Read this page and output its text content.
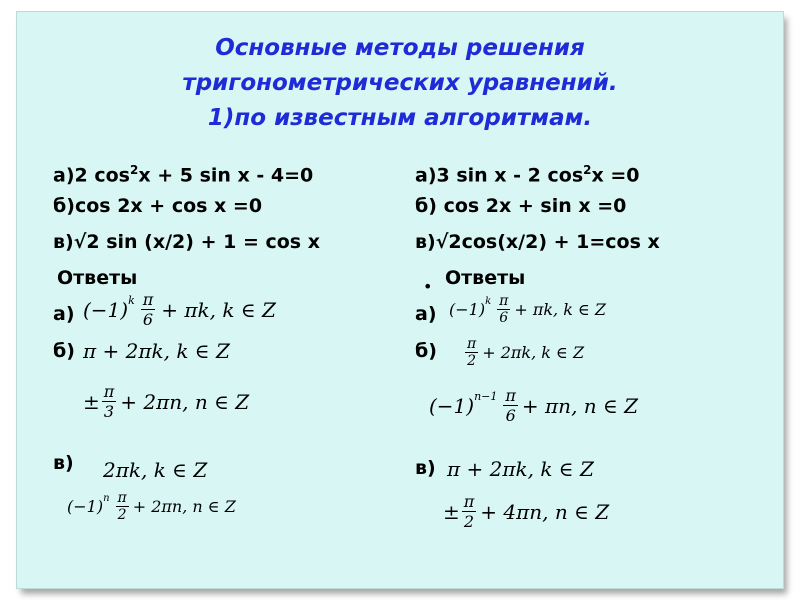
Основные методы решения
тригонометрических уравнений.
1)по известным алгоритмам.
а)2 $\cos^2x + 5$ sin x - 4=0
б)cos 2x + cos x =0
в)√2 sin (x/2) + 1 = cos x
Ответы
а) (−1) k $\frac{\pi}{6} + \pi k$, k ∈ Z
б) π + 2πk, k ∈ Z
± $\frac{\pi}{3} + 2\pi n$, n ∈ Z
в) 2πk, k ∈ Z
(−1) n $\frac{\pi}{2} + 2\pi n$, n ∈ Z
а)3 sin x - 2 $\cos^2x =0$
б) cos 2x + sin x =0
в)√2cos(x/2) + 1=cos x
• Ответы
а) (−1) k $\frac{\pi}{6} + \pi k$, k ∈ Z
$б) \frac{\pi}{2} + 2\pi k$, k ∈ Z
(−1) $n-1 \frac{\pi}{6} + \pi n$, n ∈ Z
в) π + 2πk, k ∈ Z
± $\frac{\pi}{2} + 4\pi n$, n ∈ Z
